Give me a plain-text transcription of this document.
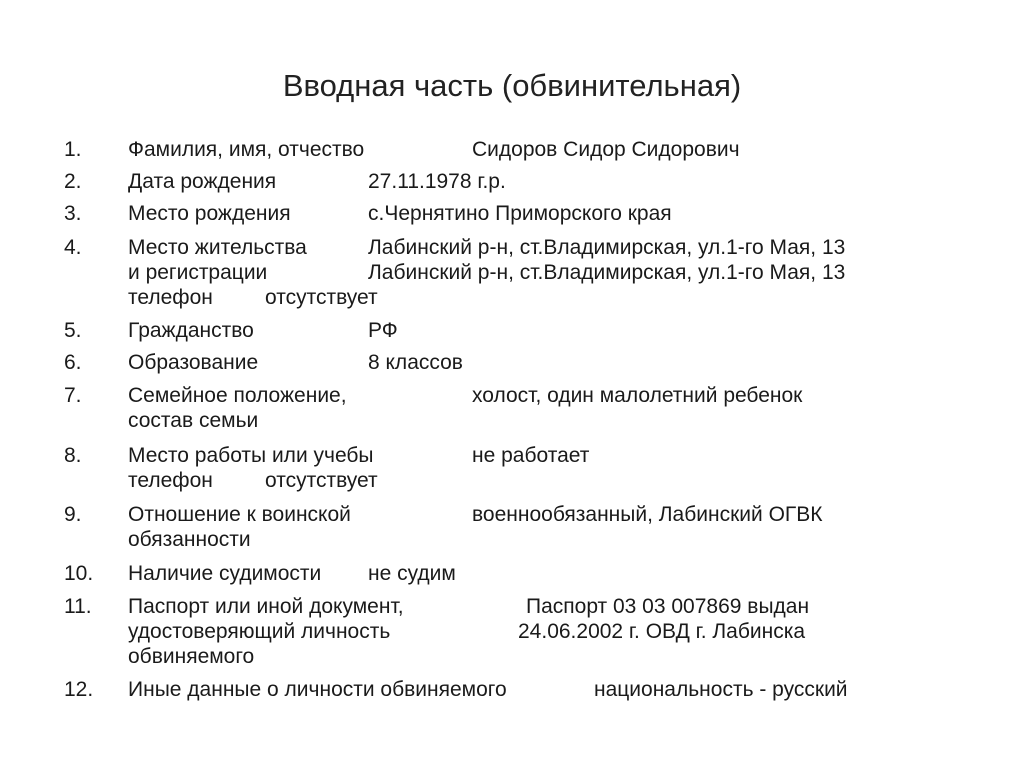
Вводная часть (обвинительная)
1. Фамилия, имя, отчество	Сидоров Сидор Сидорович
2. Дата рождения	27.11.1978 г.р.
3. Место рождения	с.Чернятино Приморского края
4. Место жительства	Лабинский р-н, ст.Владимирская, ул.1-го Мая, 13
и регистрации	Лабинский р-н, ст.Владимирская, ул.1-го Мая, 13
телефон отсутствует
5. Гражданство	РФ
6. Образование	8 классов
7. Семейное положение,	холост, один малолетний ребенок
состав семьи
8. Место работы или учебы	не работает
телефон отсутствует
9. Отношение к воинской	военнообязанный, Лабинский ОГВК
обязанности
10. Наличие судимости не судим
11. Паспорт или иной документ,	Паспорт 03 03 007869 выдан
удостоверяющий личность	24.06.2002 г. ОВД г. Лабинска
обвиняемого
12. Иные данные о личности обвиняемого	национальность - русский
